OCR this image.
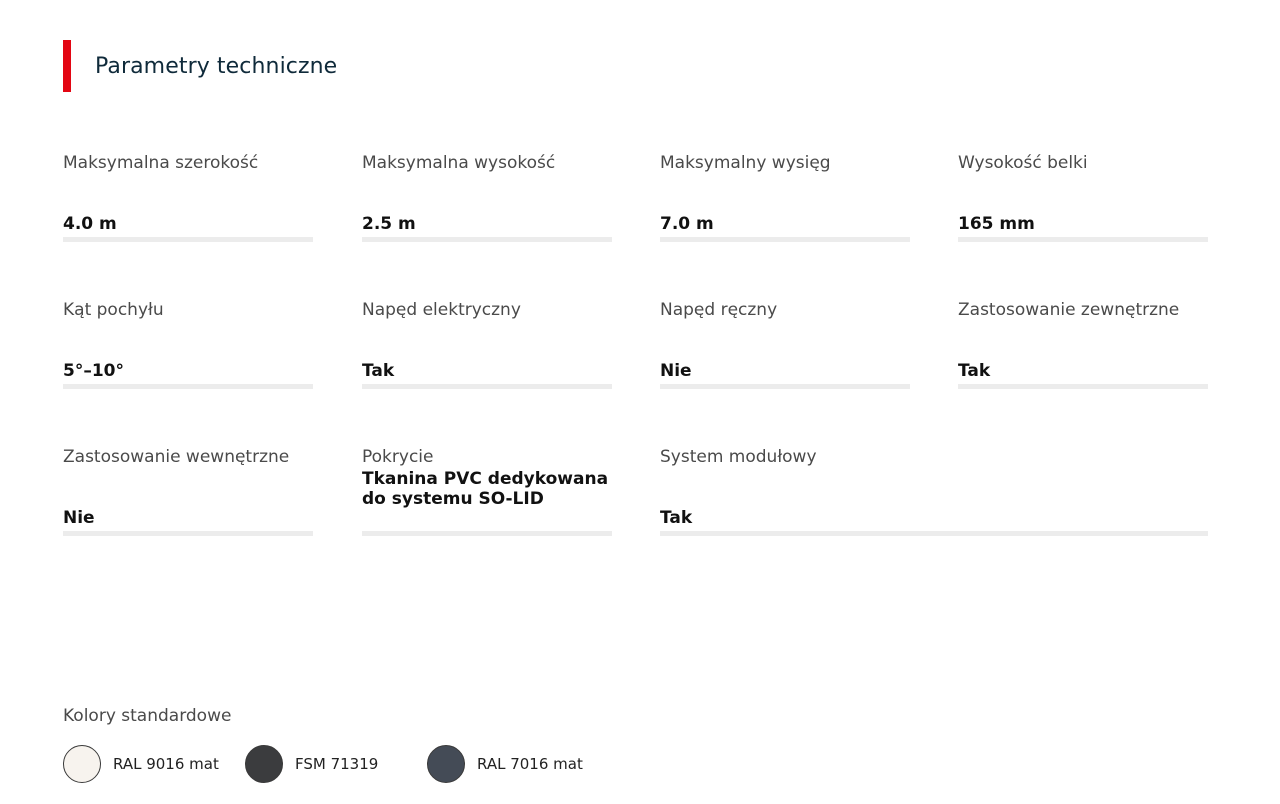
Parametry techniczne
Maksymalna szerokość
4.0 m
Maksymalna wysokość
2.5 m
Maksymalny wysięg
7.0 m
Wysokość belki
165 mm
Kąt pochyłu
5°–10°
Napęd elektryczny
Tak
Napęd ręczny
Nie
Zastosowanie zewnętrzne
Tak
Zastosowanie wewnętrzne
Nie
Pokrycie
Tkanina PVC dedykowana do systemu SO-LID
System modułowy
Tak
Kolory standardowe
RAL 9016 mat	FSM 71319	RAL 7016 mat
